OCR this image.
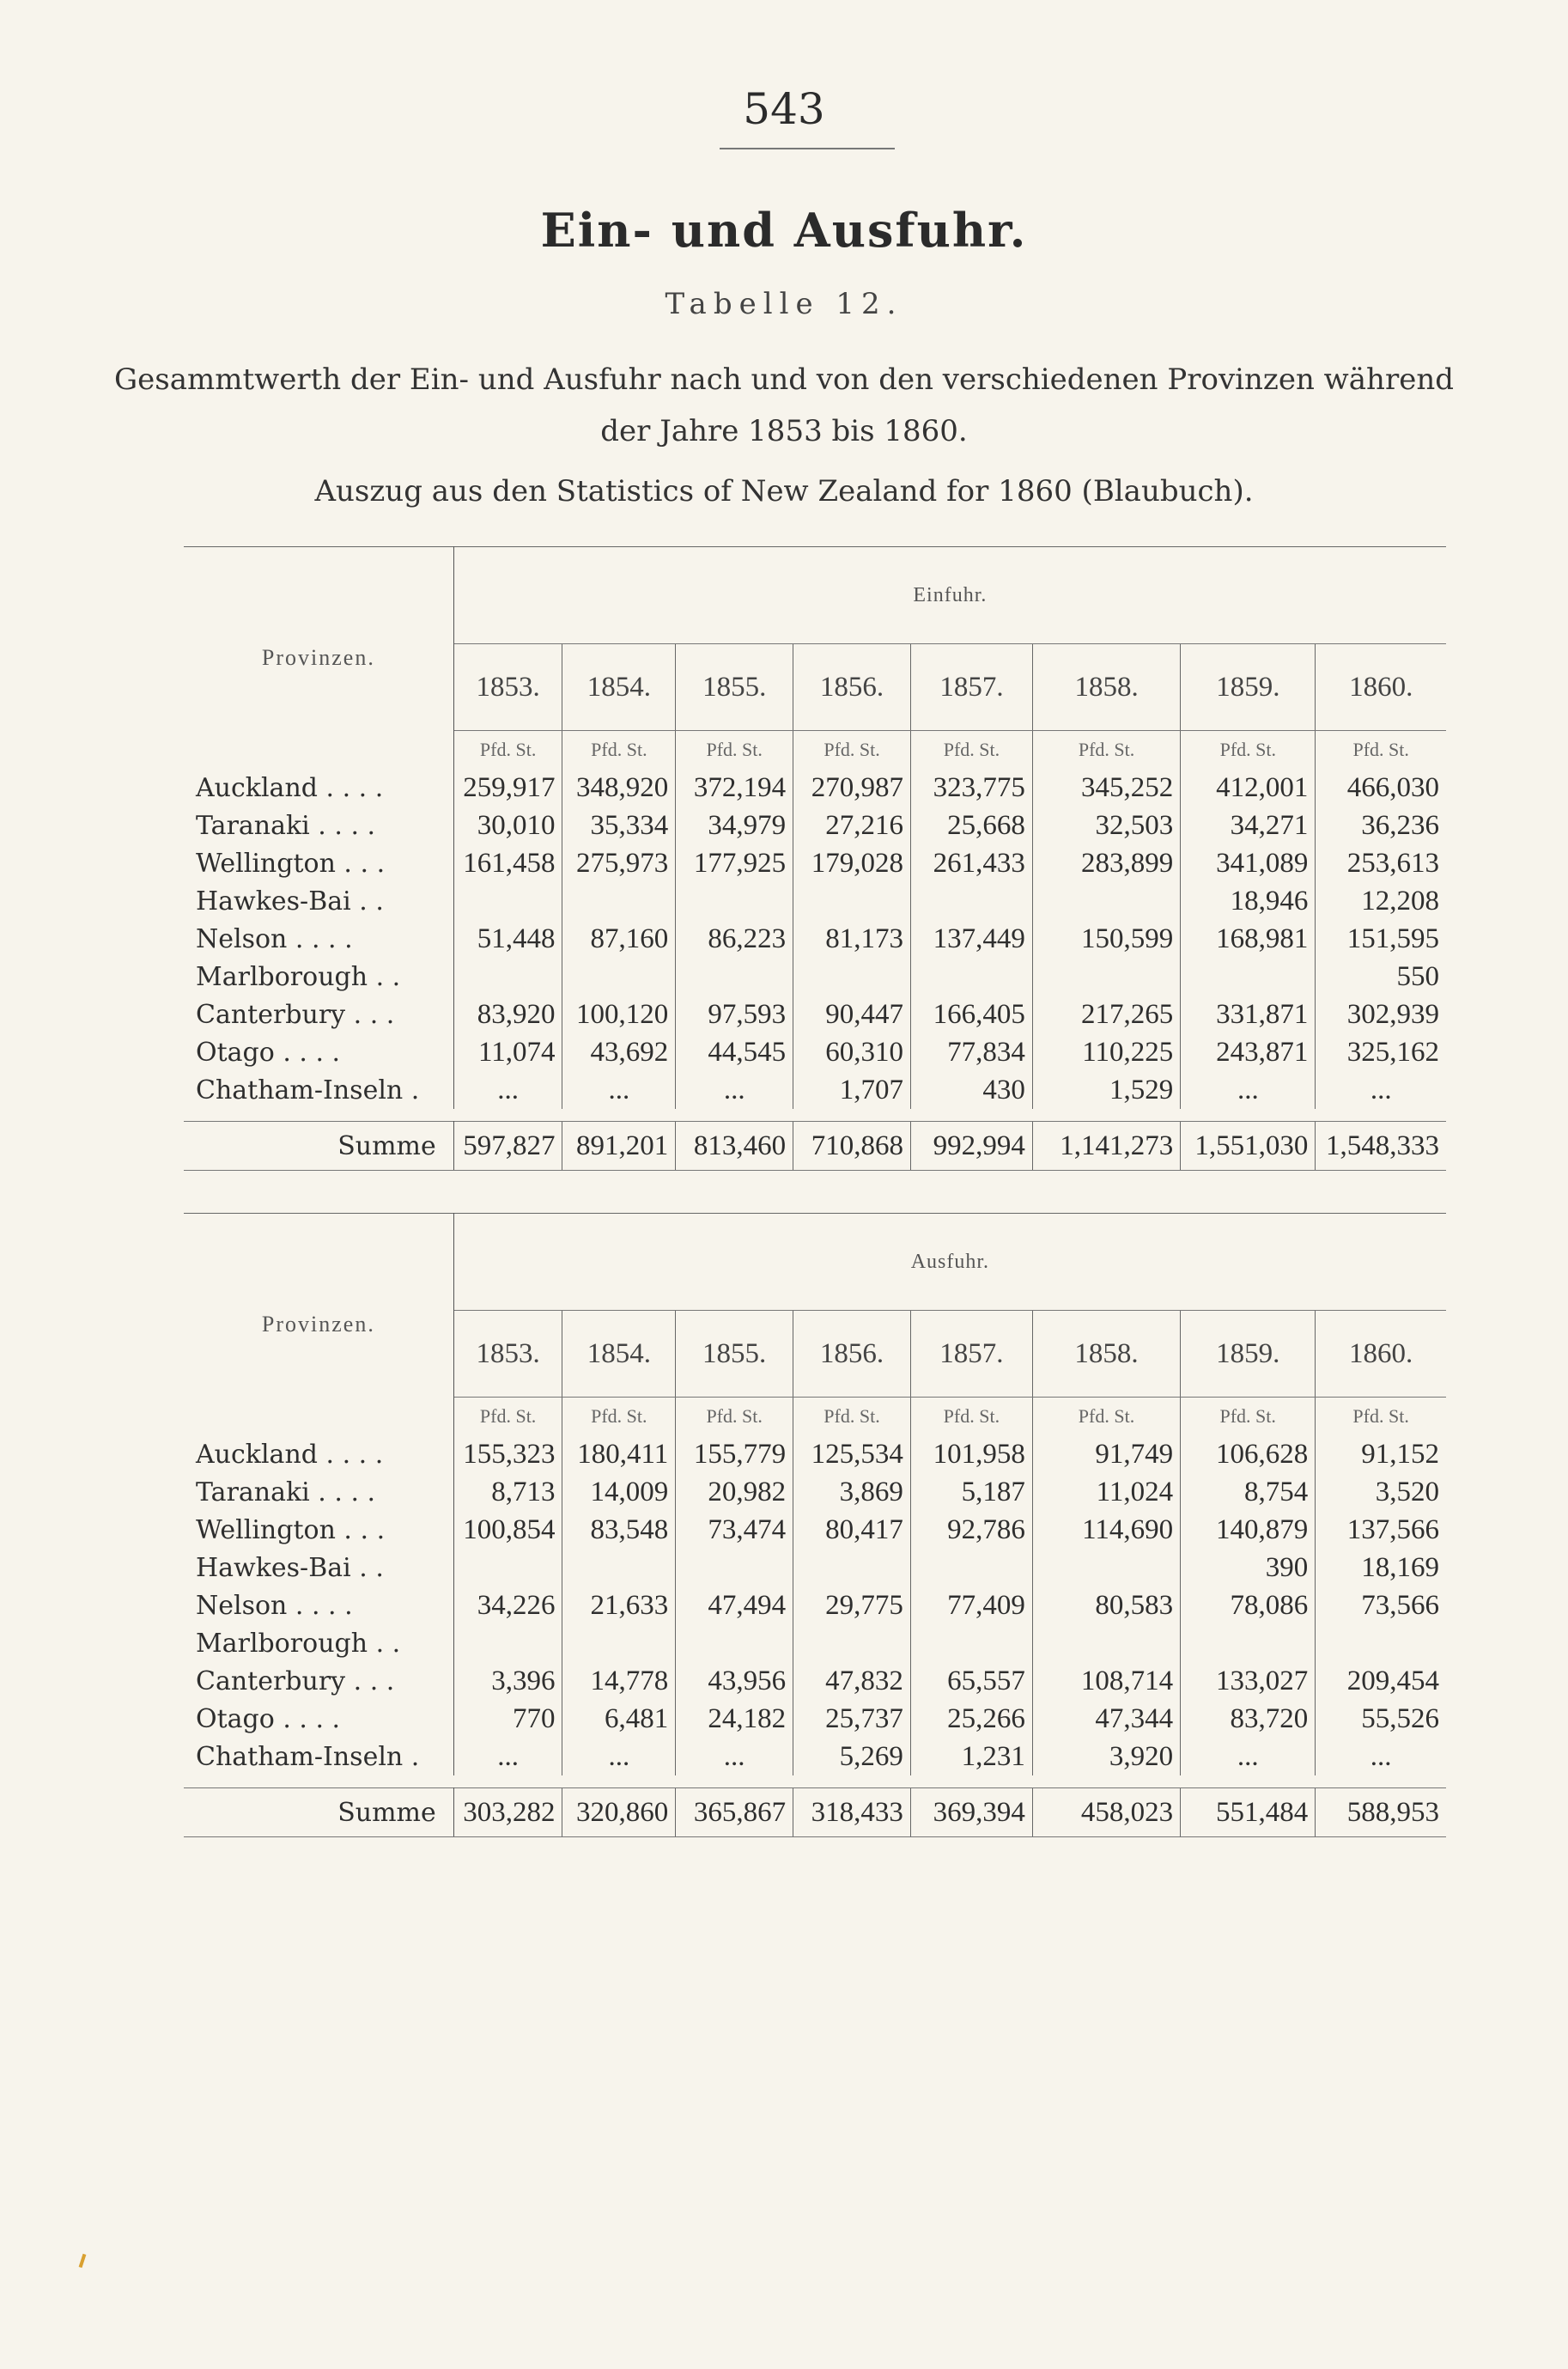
543
Ein- und Ausfuhr.
Tabelle 12.
Gesammtwerth der Ein- und Ausfuhr nach und von den verschiedenen Provinzen während
der Jahre 1853 bis 1860.
Auszug aus den Statistics of New Zealand for 1860 (Blaubuch).
Provinzen.	Einfuhr.							
	1853.	1854.	1855.	1856.	1857.	1858.	1859.	1860.
	Pfd. St.	Pfd. St.	Pfd. St.	Pfd. St.	Pfd. St.	Pfd. St.	Pfd. St.	Pfd. St.
Auckland . . . .	259,917	348,920	372,194	270,987	323,775	345,252	412,001	466,030
Taranaki . . . .	30,010	35,334	34,979	27,216	25,668	32,503	34,271	36,236
Wellington . . .	161,458	275,973	177,925	179,028	261,433	283,899	341,089	253,613
Hawkes-Bai . .							18,946	12,208
Nelson . . . .	51,448	87,160	86,223	81,173	137,449	150,599	168,981	151,595
Marlborough . .								550
Canterbury . . .	83,920	100,120	97,593	90,447	166,405	217,265	331,871	302,939
Otago . . . .	11,074	43,692	44,545	60,310	77,834	110,225	243,871	325,162
Chatham-Inseln .	...	...	...	1,707	430	1,529	...	...

Summe	597,827	891,201	813,460	710,868	992,994	1,141,273	1,551,030	1,548,333
Provinzen.	Ausfuhr.							
	1853.	1854.	1855.	1856.	1857.	1858.	1859.	1860.
	Pfd. St.	Pfd. St.	Pfd. St.	Pfd. St.	Pfd. St.	Pfd. St.	Pfd. St.	Pfd. St.
Auckland . . . .	155,323	180,411	155,779	125,534	101,958	91,749	106,628	91,152
Taranaki . . . .	8,713	14,009	20,982	3,869	5,187	11,024	8,754	3,520
Wellington . . .	100,854	83,548	73,474	80,417	92,786	114,690	140,879	137,566
Hawkes-Bai . .							390	18,169
Nelson . . . .	34,226	21,633	47,494	29,775	77,409	80,583	78,086	73,566
Marlborough . .								
Canterbury . . .	3,396	14,778	43,956	47,832	65,557	108,714	133,027	209,454
Otago . . . .	770	6,481	24,182	25,737	25,266	47,344	83,720	55,526
Chatham-Inseln .	...	...	...	5,269	1,231	3,920	...	...

Summe	303,282	320,860	365,867	318,433	369,394	458,023	551,484	588,953
